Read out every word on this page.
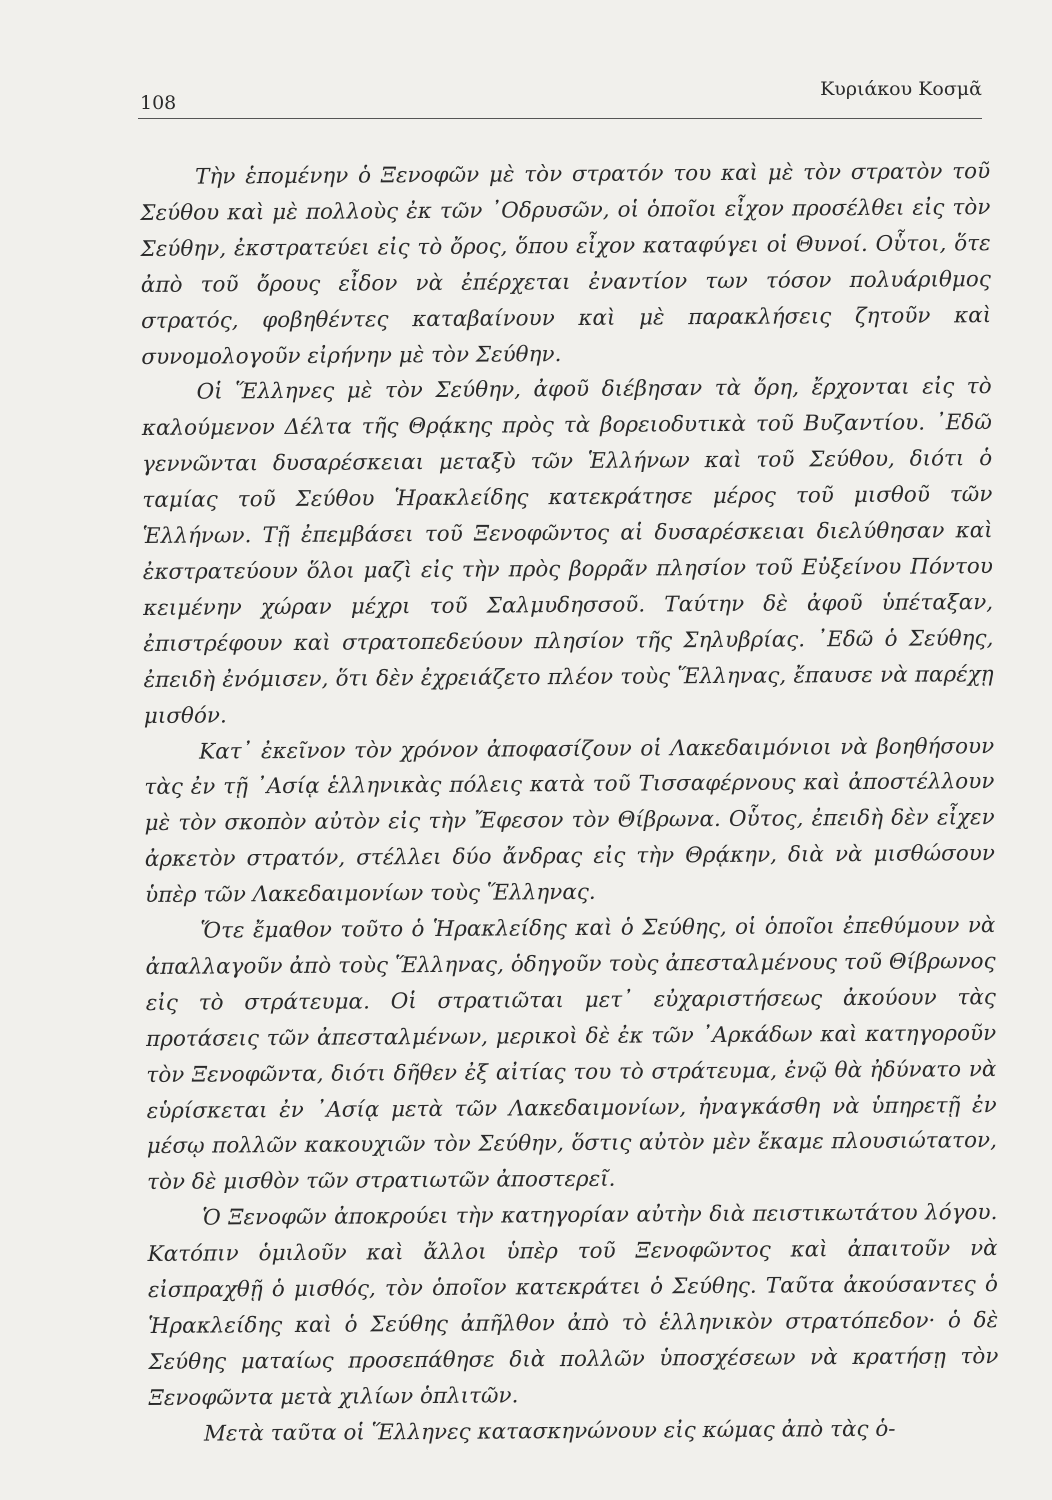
108
Κυριάκου Κοσμᾶ

Τὴν ἑπομένην ὁ Ξενοφῶν μὲ τὸν στρατόν του καὶ μὲ τὸν στρατὸν τοῦ Σεύθου καὶ μὲ πολλοὺς ἐκ τῶν ᾿Οδρυσῶν, οἱ ὁποῖοι εἶχον προσέλθει εἰς τὸν Σεύθην, ἐκστρατεύει εἰς τὸ ὄρος, ὅπου εἶχον καταφύγει οἱ Θυνοί. Οὗτοι, ὅτε ἀπὸ τοῦ ὄρους εἶδον νὰ ἐπέρχεται ἐναντίον των τόσον πολυάριθμος στρατός, φοβηθέντες καταβαίνουν καὶ μὲ παρακλήσεις ζητοῦν καὶ συνομολογοῦν εἰρήνην μὲ τὸν Σεύθην.

Οἱ Ἕλληνες μὲ τὸν Σεύθην, ἀφοῦ διέβησαν τὰ ὄρη, ἔρχονται εἰς τὸ καλούμενον Δέλτα τῆς Θρᾴκης πρὸς τὰ βορειοδυτικὰ τοῦ Βυζαντίου. ᾿Εδῶ γεννῶνται δυσαρέσκειαι μεταξὺ τῶν Ἑλλήνων καὶ τοῦ Σεύθου, διότι ὁ ταμίας τοῦ Σεύθου Ἡρακλείδης κατεκράτησε μέρος τοῦ μισθοῦ τῶν Ἑλλήνων. Τῇ ἐπεμβάσει τοῦ Ξενοφῶντος αἱ δυσαρέσκειαι διελύθησαν καὶ ἐκστρατεύουν ὅλοι μαζὶ εἰς τὴν πρὸς βορρᾶν πλησίον τοῦ Εὐξείνου Πόντου κειμένην χώραν μέχρι τοῦ Σαλμυδησσοῦ. Ταύτην δὲ ἀφοῦ ὑπέταξαν, ἐπιστρέφουν καὶ στρατοπεδεύουν πλησίον τῆς Σηλυβρίας. ᾿Εδῶ ὁ Σεύθης, ἐπειδὴ ἐνόμισεν, ὅτι δὲν ἐχρειάζετο πλέον τοὺς Ἕλληνας, ἔπαυσε νὰ παρέχῃ μισθόν.

Κατ᾿ ἐκεῖνον τὸν χρόνον ἀποφασίζουν οἱ Λακεδαιμόνιοι νὰ βοηθήσουν τὰς ἐν τῇ ᾿Ασίᾳ ἑλληνικὰς πόλεις κατὰ τοῦ Τισσαφέρνους καὶ ἀποστέλλουν μὲ τὸν σκοπὸν αὐτὸν εἰς τὴν Ἔφεσον τὸν Θίβρωνα. Οὗτος, ἐπειδὴ δὲν εἶχεν ἀρκετὸν στρατόν, στέλλει δύο ἄνδρας εἰς τὴν Θρᾴκην, διὰ νὰ μισθώσουν ὑπὲρ τῶν Λακεδαιμονίων τοὺς Ἕλληνας.

Ὅτε ἔμαθον τοῦτο ὁ Ἡρακλείδης καὶ ὁ Σεύθης, οἱ ὁποῖοι ἐπεθύμουν νὰ ἀπαλλαγοῦν ἀπὸ τοὺς Ἕλληνας, ὁδηγοῦν τοὺς ἀπεσταλμένους τοῦ Θίβρωνος εἰς τὸ στράτευμα. Οἱ στρατιῶται μετ᾿ εὐχαριστήσεως ἀκούουν τὰς προτάσεις τῶν ἀπεσταλμένων, μερικοὶ δὲ ἐκ τῶν ᾿Αρκάδων καὶ κατηγοροῦν τὸν Ξενοφῶντα, διότι δῆθεν ἐξ αἰτίας του τὸ στράτευμα, ἐνῷ θὰ ἠδύνατο νὰ εὑρίσκεται ἐν ᾿Ασίᾳ μετὰ τῶν Λακεδαιμονίων, ἠναγκάσθη νὰ ὑπηρετῇ ἐν μέσῳ πολλῶν κακουχιῶν τὸν Σεύθην, ὅστις αὐτὸν μὲν ἔκαμε πλουσιώτατον, τὸν δὲ μισθὸν τῶν στρατιωτῶν ἀποστερεῖ.

Ὁ Ξενοφῶν ἀποκρούει τὴν κατηγορίαν αὐτὴν διὰ πειστικωτάτου λόγου. Κατόπιν ὁμιλοῦν καὶ ἄλλοι ὑπὲρ τοῦ Ξενοφῶντος καὶ ἀπαιτοῦν νὰ εἰσπραχθῇ ὁ μισθός, τὸν ὁποῖον κατεκράτει ὁ Σεύθης. Ταῦτα ἀκούσαντες ὁ Ἡρακλείδης καὶ ὁ Σεύθης ἀπῆλθον ἀπὸ τὸ ἑλληνικὸν στρατόπεδον· ὁ δὲ Σεύθης ματαίως προσεπάθησε διὰ πολλῶν ὑποσχέσεων νὰ κρατήσῃ τὸν Ξενοφῶντα μετὰ χιλίων ὁπλιτῶν.

Μετὰ ταῦτα οἱ Ἕλληνες κατασκηνώνουν εἰς κώμας ἀπὸ τὰς ὁ-
